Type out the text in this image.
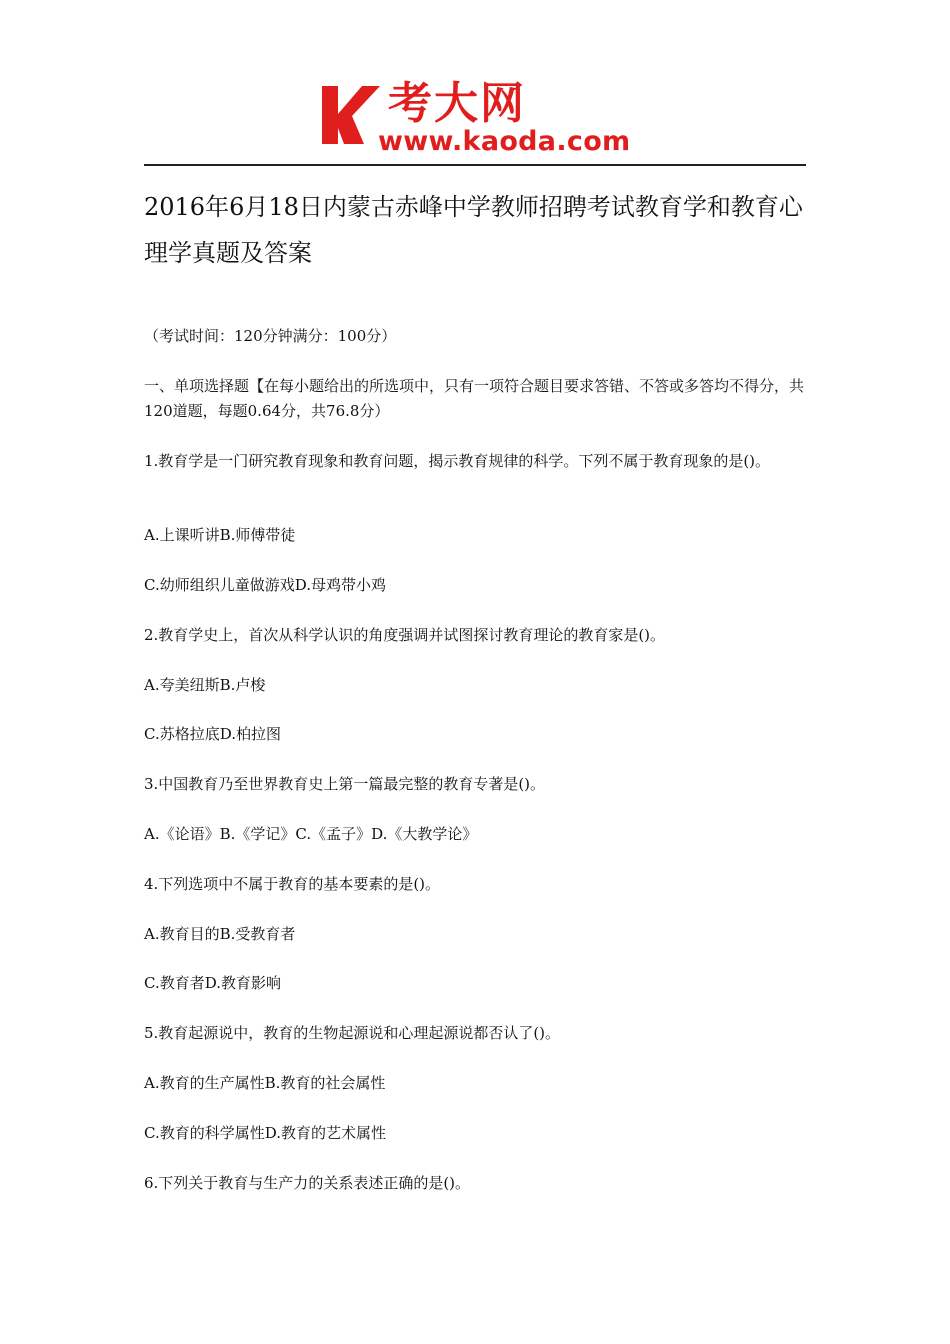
考大网
www.kaoda.com
2016年6月18日内蒙古赤峰中学教师招聘考试教育学和教育心理学真题及答案
（考试时间：120分钟满分：100分）
一、单项选择题【在每小题给出的所选项中，只有一项符合题目要求答错、不答或多答均不得分，共120道题，每题0.64分，共76.8分）
1.教育学是一门研究教育现象和教育问题，揭示教育规律的科学。下列不属于教育现象的是()。
A.上课听讲B.师傅带徒
C.幼师组织儿童做游戏D.母鸡带小鸡
2.教育学史上，首次从科学认识的角度强调并试图探讨教育理论的教育家是()。
A.夸美纽斯B.卢梭
C.苏格拉底D.柏拉图
3.中国教育乃至世界教育史上第一篇最完整的教育专著是()。
A.《论语》B.《学记》C.《孟子》D.《大教学论》
4.下列选项中不属于教育的基本要素的是()。
A.教育目的B.受教育者
C.教育者D.教育影响
5.教育起源说中，教育的生物起源说和心理起源说都否认了()。
A.教育的生产属性B.教育的社会属性
C.教育的科学属性D.教育的艺术属性
6.下列关于教育与生产力的关系表述正确的是()。
